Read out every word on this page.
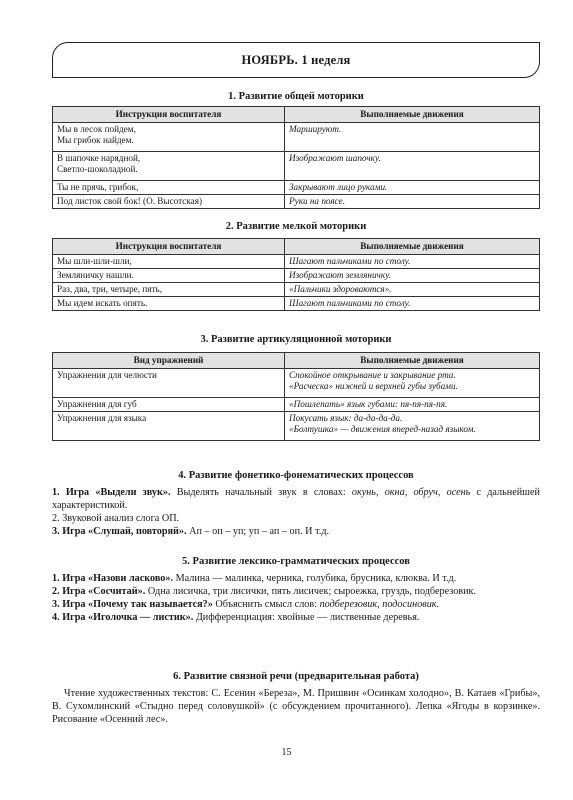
НОЯБРЬ. 1 неделя
1. Развитие общей моторики
Инструкция воспитателя	Выполняемые движения
Мы в лесок пойдем,
Мы грибок найдем.	Маршируют.
В шапочке нарядной,
Светло-шоколадной.	Изображают шапочку.
Ты не прячь, грибок,	Закрывают лицо руками.
Под листок свой бок! (О. Высотская)	Руки на поясе.
2. Развитие мелкой моторики
Инструкция воспитателя	Выполняемые движения
Мы шли-шли-шли,	Шагают пальчиками по столу.
Земляничку нашли.	Изображают земляничку.
Раз, два, три, четыре, пять,	«Пальчики здороваются».
Мы идем искать опять.	Шагают пальчиками по столу.
3. Развитие артикуляционной моторики
Вид упражнений	Выполняемые движения
Упражнения для челюсти	Спокойное открывание и закрывание рта.
«Расческа» нижней и верхней губы зубами.
Упражнения для губ	«Пошлепать» язык губами: пя-пя-пя-пя.
Упражнения для языка	Покусать язык: да-да-да-да.
«Болтушка» — движения вперед-назад языком.
4. Развитие фонетико-фонематических процессов
1. Игра «Выдели звук». Выделять начальный звук в словах: окунь, окна, обруч, осень с дальнейшей характеристикой.
2. Звуковой анализ слога ОП.
3. Игра «Слушай, повторяй». Ап – оп – уп; уп – ап – оп. И т.д.
5. Развитие лексико-грамматических процессов
1. Игра «Назови ласково». Малина — малинка, черника, голубика, брусника, клюква. И т.д.
2. Игра «Сосчитай». Одна лисичка, три лисички, пять лисичек; сыроежка, груздь, подберезовик.
3. Игра «Почему так называется?» Объяснить смысл слов: подберезовик, подосиновик.
4. Игра «Иголочка — листик». Дифференциация: хвойные — лиственные деревья.
6. Развитие связной речи (предварительная работа)
Чтение художественных текстов: С. Есенин «Береза», М. Пришвин «Осинкам холодно», В. Катаев «Грибы», В. Сухомлинский «Стыдно перед соловушкой» (с обсуждением прочитанного). Лепка «Ягоды в корзинке». Рисование «Осенний лес».
15
